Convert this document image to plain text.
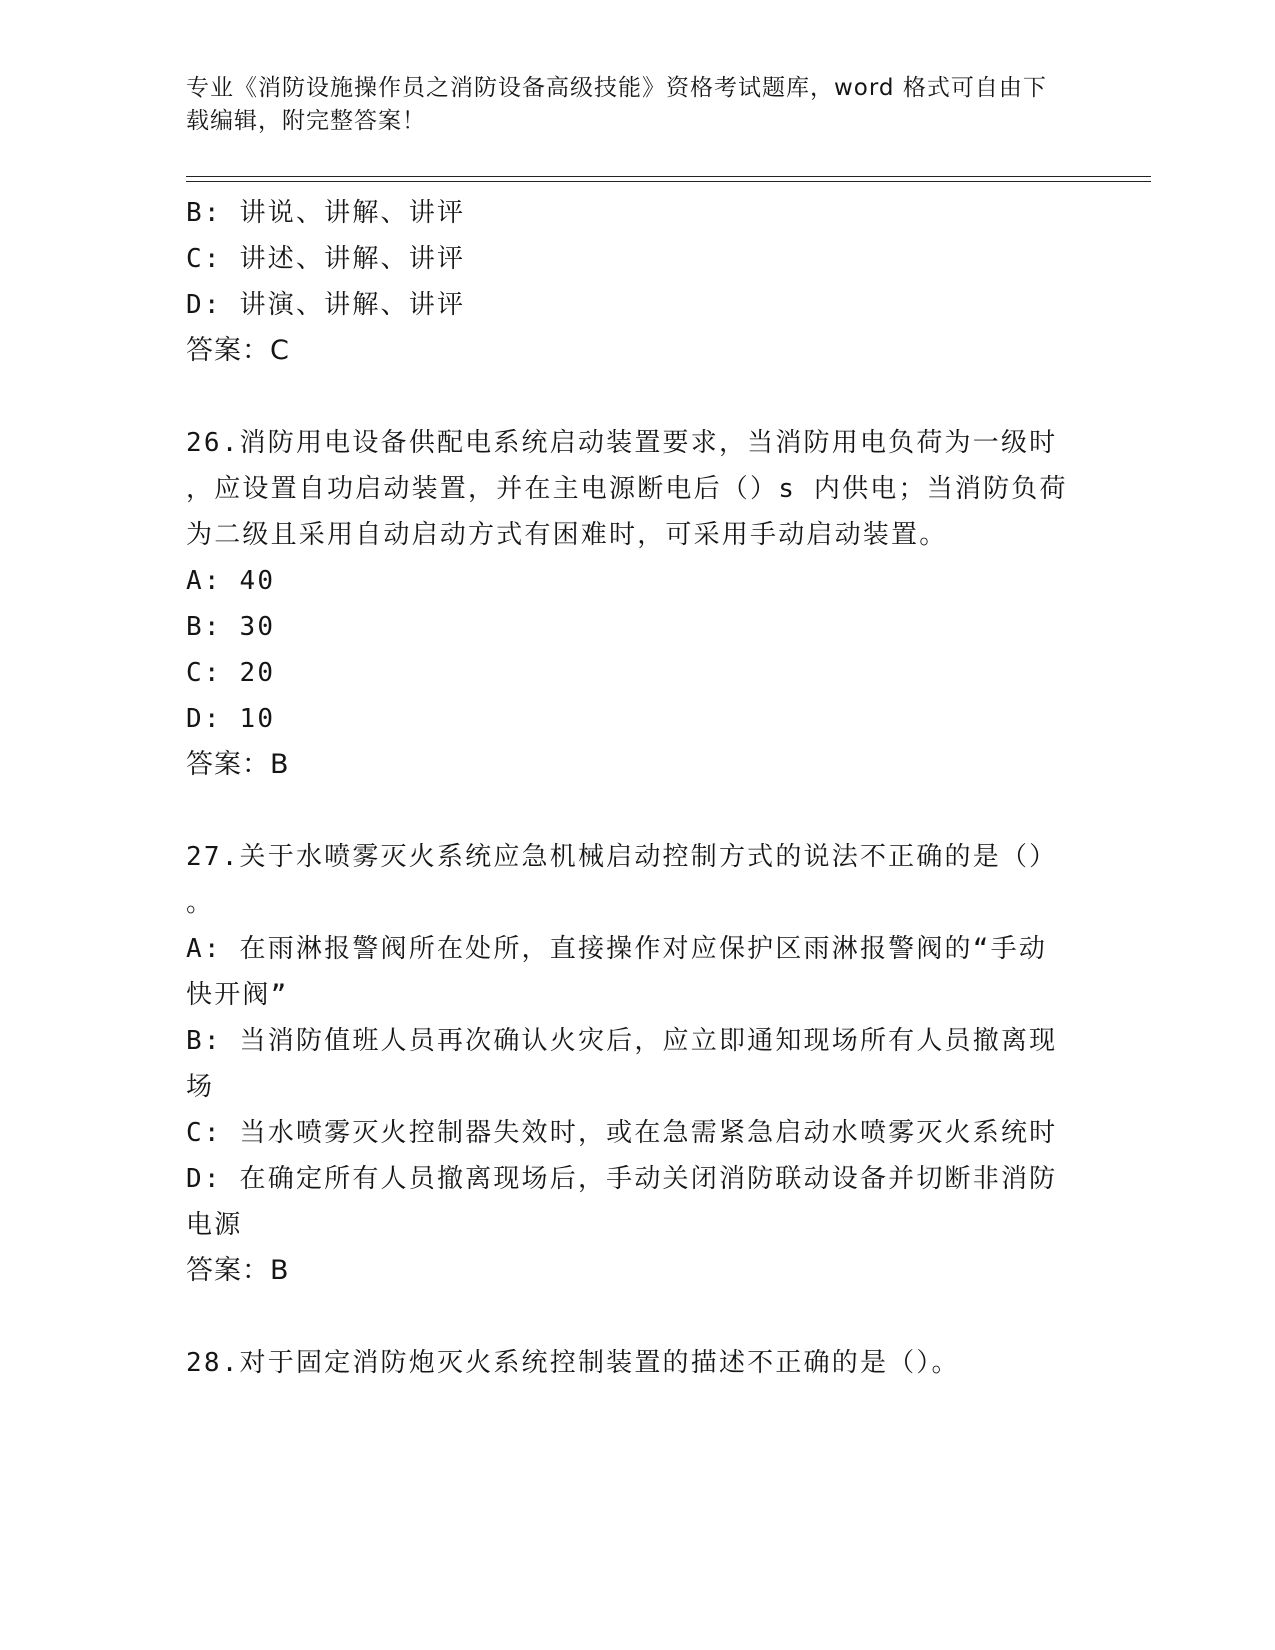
专业《消防设施操作员之消防设备高级技能》资格考试题库，word 格式可自由下
载编辑，附完整答案！
B: 讲说、讲解、讲评
C: 讲述、讲解、讲评
D: 讲演、讲解、讲评
答案：C
26.消防用电设备供配电系统启动装置要求，当消防用电负荷为一级时
，应设置自功启动装置，并在主电源断电后（）s 内供电；当消防负荷
为二级且采用自动启动方式有困难时，可采用手动启动装置。
A: 40
B: 30
C: 20
D: 10
答案：B
27.关于水喷雾灭火系统应急机械启动控制方式的说法不正确的是（）
。
A: 在雨淋报警阀所在处所，直接操作对应保护区雨淋报警阀的“手动
快开阀”
B: 当消防值班人员再次确认火灾后，应立即通知现场所有人员撤离现
场
C: 当水喷雾灭火控制器失效时，或在急需紧急启动水喷雾灭火系统时
D: 在确定所有人员撤离现场后，手动关闭消防联动设备并切断非消防
电源
答案：B
28.对于固定消防炮灭火系统控制装置的描述不正确的是（）。
